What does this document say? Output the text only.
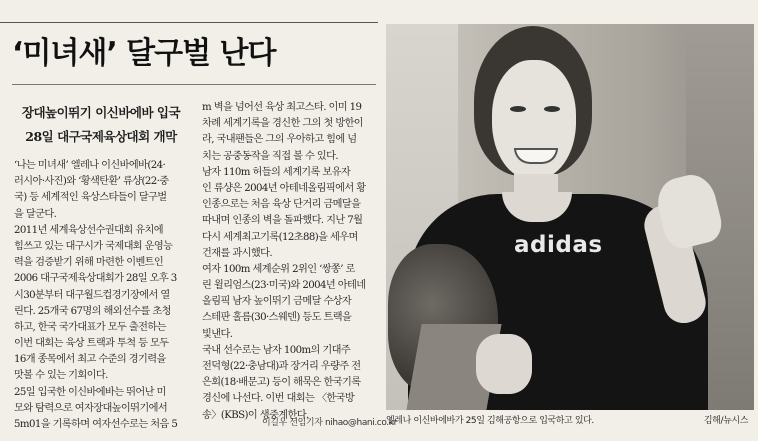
‘미녀새’ 달구벌 난다
장대높이뛰기 이신바에바 입국
28일 대구국제육상대회 개막
‘나는 미녀새’ 엘레나 이신바에바(24·
러시아·사진)와 ‘황색탄환’ 류샹(22·중
국) 등 세계적인 육상스타들이 달구벌
을 달군다.
2011년 세계육상선수권대회 유치에
힘쓰고 있는 대구시가 국제대회 운영능
력을 검증받기 위해 마련한 이벤트인
2006 대구국제육상대회가 28일 오후 3
시30분부터 대구월드컵경기장에서 열
린다. 25개국 67명의 해외선수를 초청
하고, 한국 국가대표가 모두 출전하는
이번 대회는 육상 트랙과 투척 등 모두
16개 종목에서 최고 수준의 경기력을
맛볼 수 있는 기회이다.
25일 입국한 이신바에바는 뛰어난 미
모와 탐력으로 여자장대높이뛰기에서
5m01을 기록하며 여자선수로는 처음 5
m 벽을 넘어선 육상 최고스타. 이미 19
차례 세계기록을 경신한 그의 첫 방한이
라, 국내팬들은 그의 우아하고 힘에 넘
치는 공중동작을 직접 볼 수 있다.
남자 110m 허들의 세계기록 보유자
인 류샹은 2004년 아테네올림픽에서 황
인종으로는 처음 육상 단거리 금메달을
따내며 인종의 벽을 돌파했다. 지난 7월
다시 세계최고기록(12초88)을 세우며
건재를 과시했다.
여자 100m 세계순위 2위인 ‘쌍쫑’ 로
린 윌리엄스(23·미국)와 2004년 아테네
올림픽 남자 높이뛰기 금메달 수상자
스테판 홀름(30·스웨덴) 등도 트랙을
빛낸다.
국내 선수로는 남자 100m의 기대주
전덕형(22·충남대)과 장거리 우량주 전
은회(18·배문고) 등이 해묵은 한국기록
경신에 나선다. 이번 대회는 〈한국방
송〉(KBS)이 생중계한다.
이길우 선임기자 nihao@hani.co.kr
adidas
엘레나 이신바에바가 25일 김해공항으로 입국하고 있다.	김해/뉴시스
